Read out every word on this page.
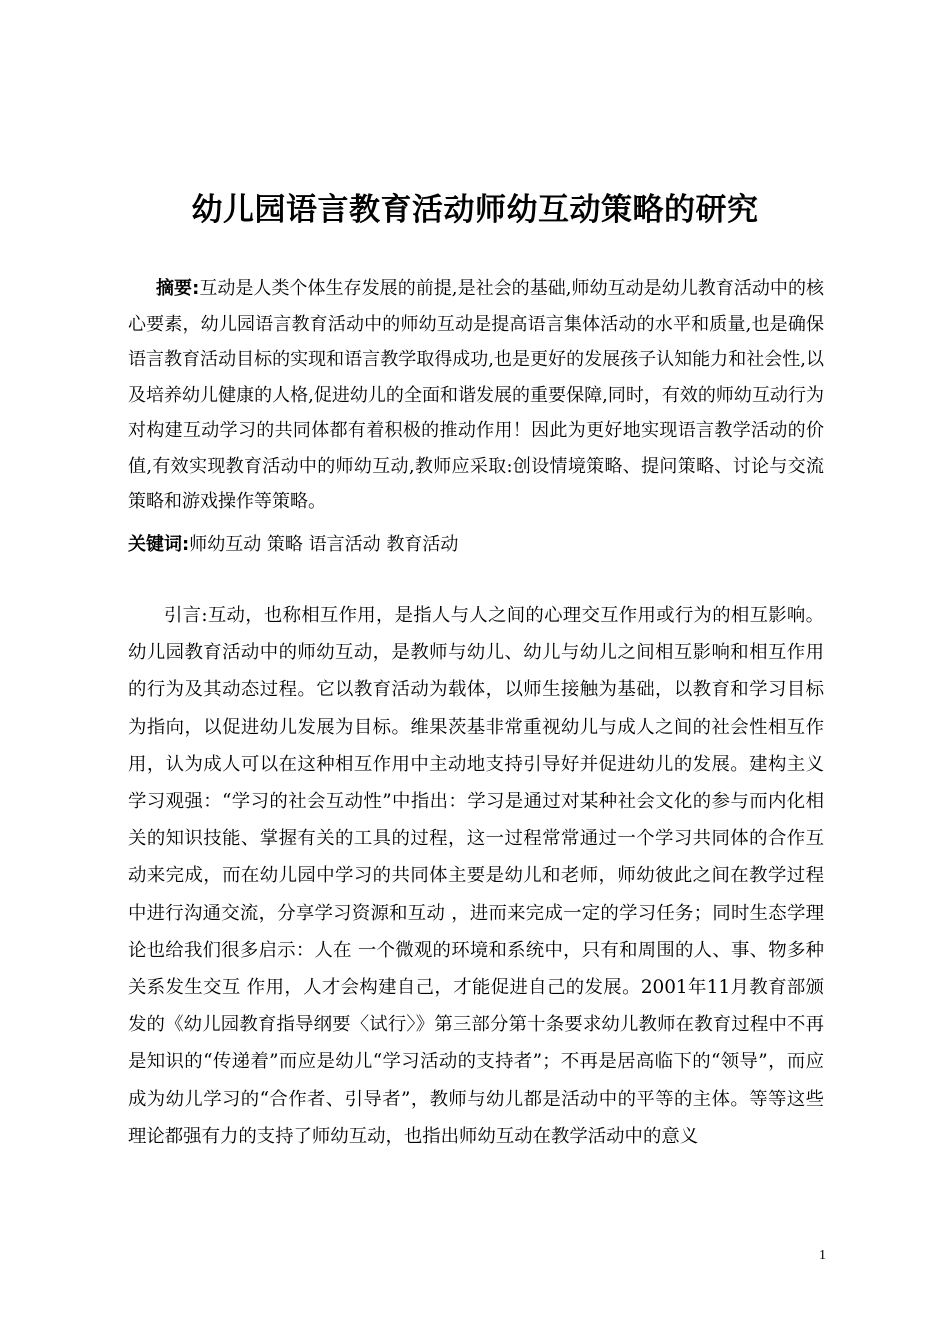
幼儿园语言教育活动师幼互动策略的研究

摘要:互动是人类个体生存发展的前提,是社会的基础,师幼互动是幼儿教育活动中的核心要素，幼儿园语言教育活动中的师幼互动是提高语言集体活动的水平和质量,也是确保语言教育活动目标的实现和语言教学取得成功,也是更好的发展孩子认知能力和社会性,以及培养幼儿健康的人格,促进幼儿的全面和谐发展的重要保障,同时，有效的师幼互动行为对构建互动学习的共同体都有着积极的推动作用！因此为更好地实现语言教学活动的价值,有效实现教育活动中的师幼互动,教师应采取:创设情境策略、提问策略、讨论与交流策略和游戏操作等策略。

关键词:师幼互动 策略 语言活动 教育活动

引言:互动，也称相互作用，是指人与人之间的心理交互作用或行为的相互影响。幼儿园教育活动中的师幼互动，是教师与幼儿、幼儿与幼儿之间相互影响和相互作用的行为及其动态过程。它以教育活动为载体，以师生接触为基础，以教育和学习目标为指向，以促进幼儿发展为目标。维果茨基非常重视幼儿与成人之间的社会性相互作用，认为成人可以在这种相互作用中主动地支持引导好并促进幼儿的发展。建构主义学习观强：“学习的社会互动性”中指出：学习是通过对某种社会文化的参与而内化相关的知识技能、掌握有关的工具的过程，这一过程常常通过一个学习共同体的合作互动来完成，而在幼儿园中学习的共同体主要是幼儿和老师，师幼彼此之间在教学过程中进行沟通交流，分享学习资源和互动 ，进而来完成一定的学习任务；同时生态学理论也给我们很多启示：人在 一个微观的环境和系统中，只有和周围的人、事、物多种关系发生交互 作用，人才会构建自己，才能促进自己的发展。2001年11月教育部颁发的《幼儿园教育指导纲要〈试行〉》第三部分第十条要求幼儿教师在教育过程中不再是知识的“传递着”而应是幼儿“学习活动的支持者”；不再是居高临下的“领导”，而应成为幼儿学习的“合作者、引导者”，教师与幼儿都是活动中的平等的主体。等等这些理论都强有力的支持了师幼互动，也指出师幼互动在教学活动中的意义

1
